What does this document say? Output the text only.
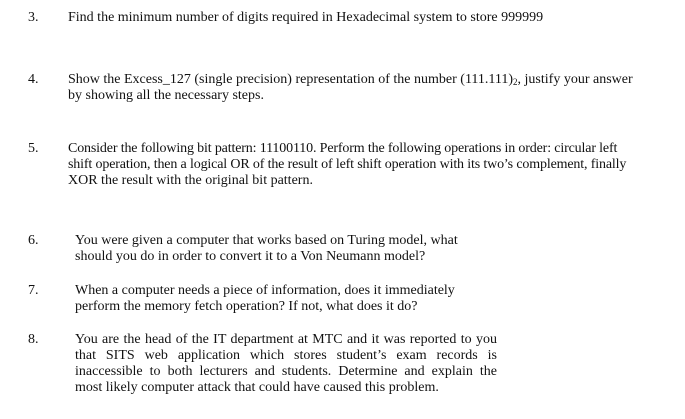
3.	Find the minimum number of digits required in Hexadecimal system to store 999999
4.	Show the Excess_127 (single precision) representation of the number $(111.111)_2$, justify your answer
by showing all the necessary steps.
5.	Consider the following bit pattern: 11100110. Perform the following operations in order: circular left
shift operation, then a logical OR of the result of left shift operation with its two’s complement, finally
XOR the result with the original bit pattern.
6.	You were given a computer that works based on Turing model, what
should you do in order to convert it to a Von Neumann model?
7.	When a computer needs a piece of information, does it immediately
perform the memory fetch operation? If not, what does it do?
8.	You are the head of the IT department at MTC and it was reported to you
that SITS web application which stores student’s exam records is
inaccessible to both lecturers and students. Determine and explain the
most likely computer attack that could have caused this problem.
